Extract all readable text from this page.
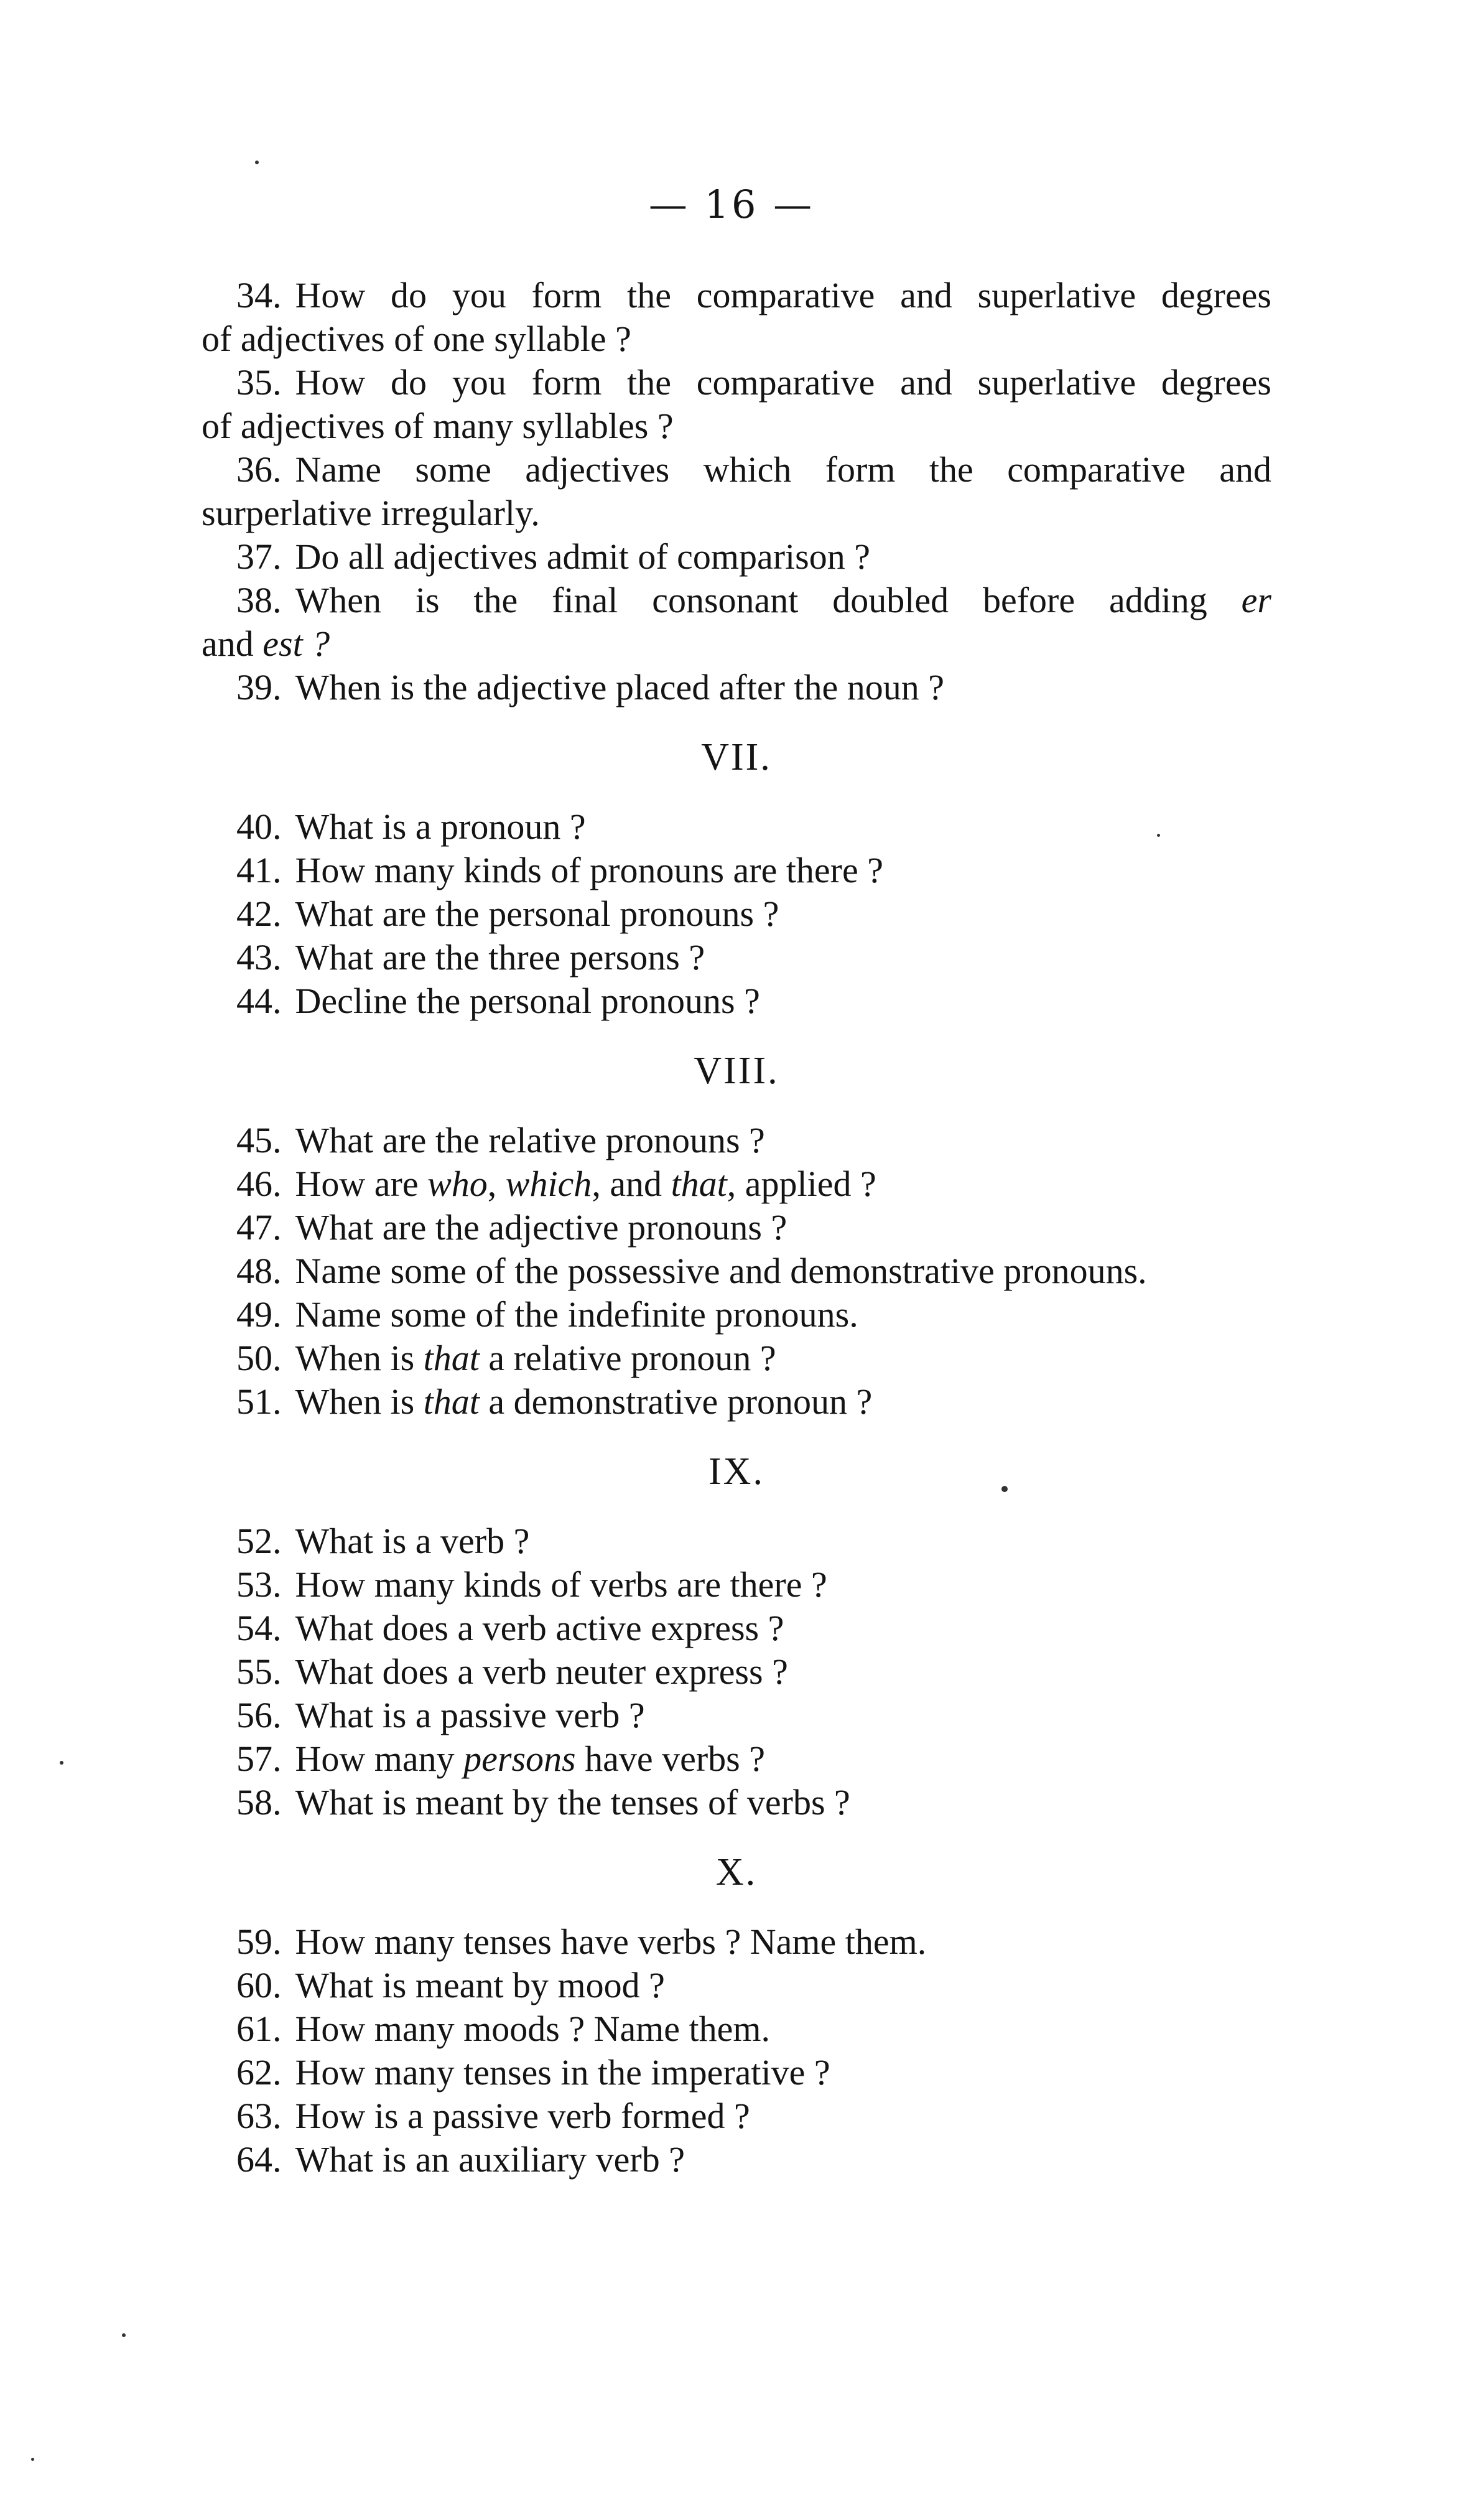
— 16 —

34. How do you form the comparative and superlative degrees
of adjectives of one syllable ?

35. How do you form the comparative and superlative degrees
of adjectives of many syllables ?

36. Name some adjectives which form the comparative and
surperlative irregularly.

37. Do all adjectives admit of comparison ?

38. When is the final consonant doubled before adding er
and est ?

39. When is the adjective placed after the noun ?

VII.

40. What is a pronoun ?

41. How many kinds of pronouns are there ?

42. What are the personal pronouns ?

43. What are the three persons ?

44. Decline the personal pronouns ?

VIII.

45. What are the relative pronouns ?

46. How are who, which, and that, applied ?

47. What are the adjective pronouns ?

48. Name some of the possessive and demonstrative pronouns.

49. Name some of the indefinite pronouns.

50. When is that a relative pronoun ?

51. When is that a demonstrative pronoun ?

IX.

52. What is a verb ?

53. How many kinds of verbs are there ?

54. What does a verb active express ?

55. What does a verb neuter express ?

56. What is a passive verb ?

57. How many persons have verbs ?

58. What is meant by the tenses of verbs ?

X.

59. How many tenses have verbs ? Name them.

60. What is meant by mood ?

61. How many moods ? Name them.

62. How many tenses in the imperative ?

63. How is a passive verb formed ?

64. What is an auxiliary verb ?
